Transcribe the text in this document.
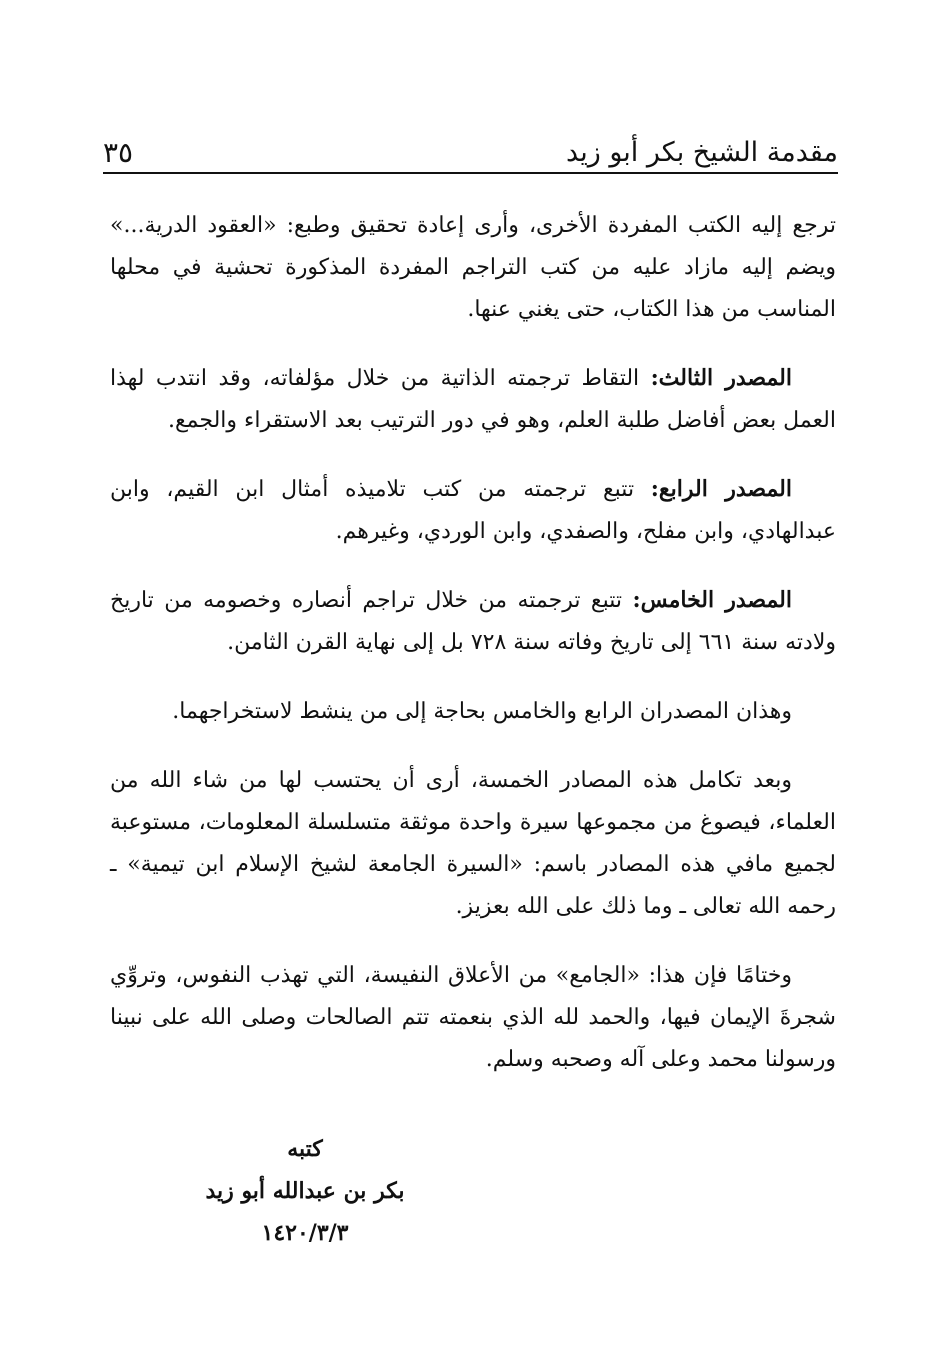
مقدمة الشيخ بكر أبو زيد
٣٥

ترجع إليه الكتب المفردة الأخرى، وأرى إعادة تحقيق وطبع: «العقود الدرية...» ويضم إليه مازاد عليه من كتب التراجم المفردة المذكورة تحشية في محلها المناسب من هذا الكتاب، حتى يغني عنها.

المصدر الثالث: التقاط ترجمته الذاتية من خلال مؤلفاته، وقد انتدب لهذا العمل بعض أفاضل طلبة العلم، وهو في دور الترتيب بعد الاستقراء والجمع.

المصدر الرابع: تتبع ترجمته من كتب تلاميذه أمثال ابن القيم، وابن عبدالهادي، وابن مفلح، والصفدي، وابن الوردي، وغيرهم.

المصدر الخامس: تتبع ترجمته من خلال تراجم أنصاره وخصومه من تاريخ ولادته سنة ٦٦١ إلى تاريخ وفاته سنة ٧٢٨ بل إلى نهاية القرن الثامن.

وهذان المصدران الرابع والخامس بحاجة إلى من ينشط لاستخراجهما.

وبعد تكامل هذه المصادر الخمسة، أرى أن يحتسب لها من شاء الله من العلماء، فيصوغ من مجموعها سيرة واحدة موثقة متسلسلة المعلومات، مستوعبة لجميع مافي هذه المصادر باسم: «السيرة الجامعة لشيخ الإسلام ابن تيمية» ـ رحمه الله تعالى ـ وما ذلك على الله بعزيز.

وختامًا فإن هذا: «الجامع» من الأعلاق النفيسة، التي تهذب النفوس، وتروِّي شجرةَ الإيمان فيها، والحمد لله الذي بنعمته تتم الصالحات وصلى الله على نبينا ورسولنا محمد وعلى آله وصحبه وسلم.

كتبه
بكر بن عبدالله أبو زيد
١٤٢٠/٣/٣
